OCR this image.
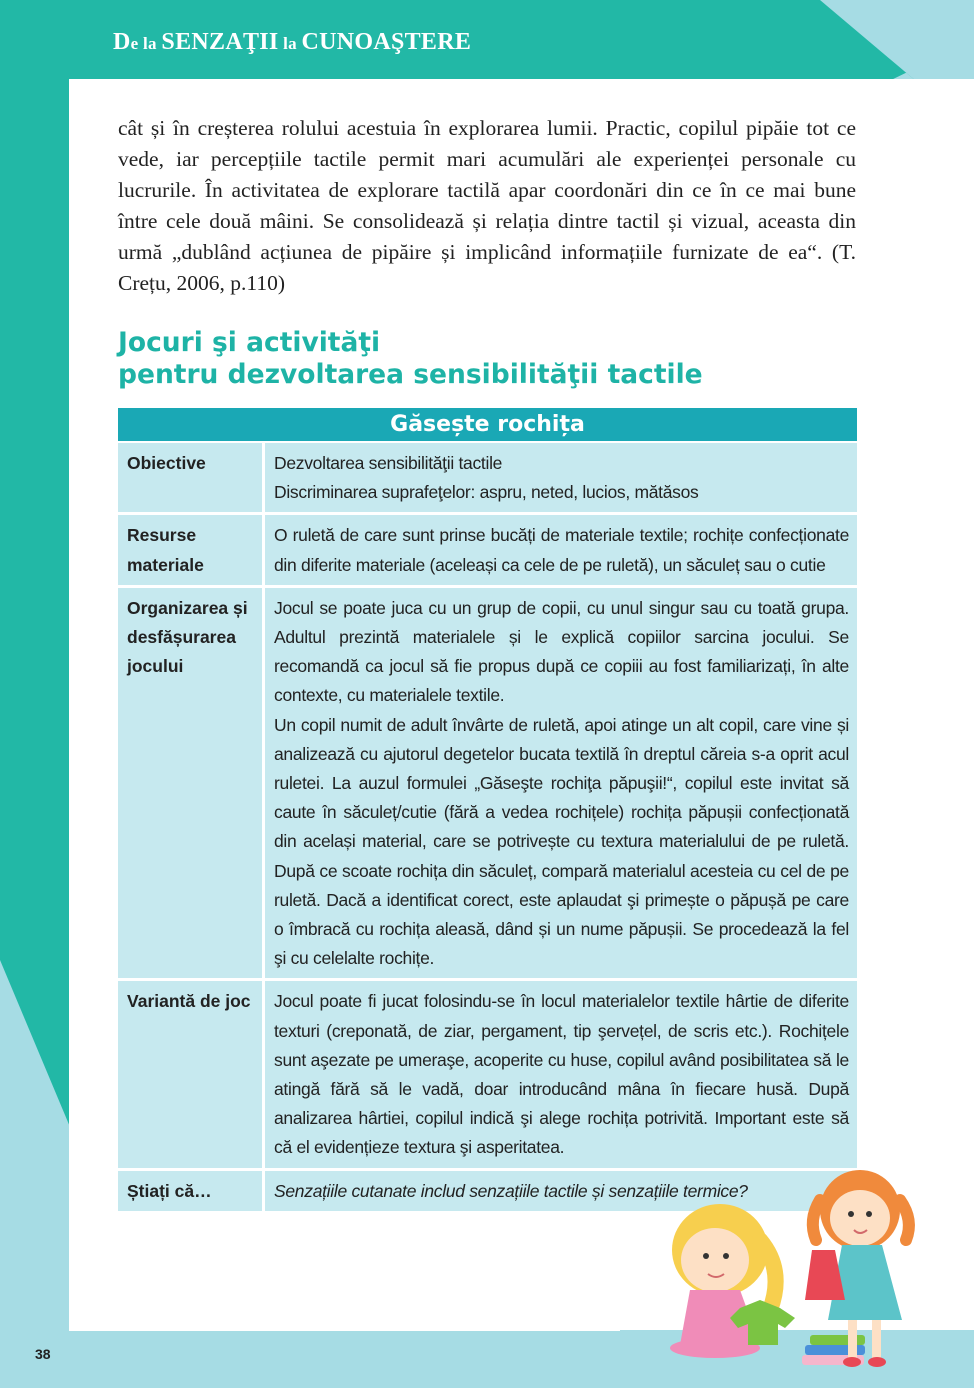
De la SENZAŢII la CUNOAŞTERE

cât și în creșterea rolului acestuia în explorarea lumii. Practic, copilul pipăie tot ce vede, iar percepțiile tactile permit mari acumulări ale experienței personale cu lucrurile. În activitatea de explorare tactilă apar coordonări din ce în ce mai bune între cele două mâini. Se consolidează și relația dintre tactil și vizual, aceasta din urmă „dublând acțiunea de pipăire și implicând informațiile furnizate de ea“. (T. Crețu, 2006, p.110)

Jocuri şi activităţi
pentru dezvoltarea sensibilităţii tactile
Găsește rochița	
Obiective	Dezvoltarea sensibilităţii tactile
Discriminarea suprafeţelor: aspru, neted, lucios, mătăsos

Resurse materiale	O ruletă de care sunt prinse bucăți de materiale textile; rochițe confecționate din diferite materiale (aceleași ca cele de pe ruletă), un săculeț sau o cutie
Organizarea și desfășurarea jocului	Jocul se poate juca cu un grup de copii, cu unul singur sau cu toată grupa. Adultul prezintă materialele și le explică copiilor sarcina jocului. Se recomandă ca jocul să fie propus după ce copiii au fost familiarizați, în alte contexte, cu materialele textile.
Un copil numit de adult învârte de ruletă, apoi atinge un alt copil, care vine și analizează cu ajutorul degetelor bucata textilă în dreptul căreia s-a oprit acul ruletei. La auzul formulei „Găseşte rochiţa păpuşii!“, copilul este invitat să caute în săculeț/cutie (fără a vedea rochițele) rochița păpușii confecționată din același material, care se potrivește cu textura materialului de pe ruletă. După ce scoate rochița din săculeț, compară materialul acesteia cu cel de pe ruletă. Dacă a identificat corect, este aplaudat şi primește o păpușă pe care o îmbracă cu rochița aleasă, dând și un nume păpușii. Se procedează la fel şi cu celelalte rochițe.

Variantă de joc	Jocul poate fi jucat folosindu-se în locul materialelor textile hârtie de diferite texturi (creponată, de ziar, pergament, tip şervețel, de scris etc.). Rochițele sunt aşezate pe umeraşe, acoperite cu huse, copilul având posibilitatea să le atingă fără să le vadă, doar introducând mâna în fiecare husă. După analizarea hârtiei, copilul indică şi alege rochița potrivită. Important este să că el evidențieze textura şi asperitatea.
Știați că…	Senzațiile cutanate includ senzațiile tactile și senzațiile termice?
38
